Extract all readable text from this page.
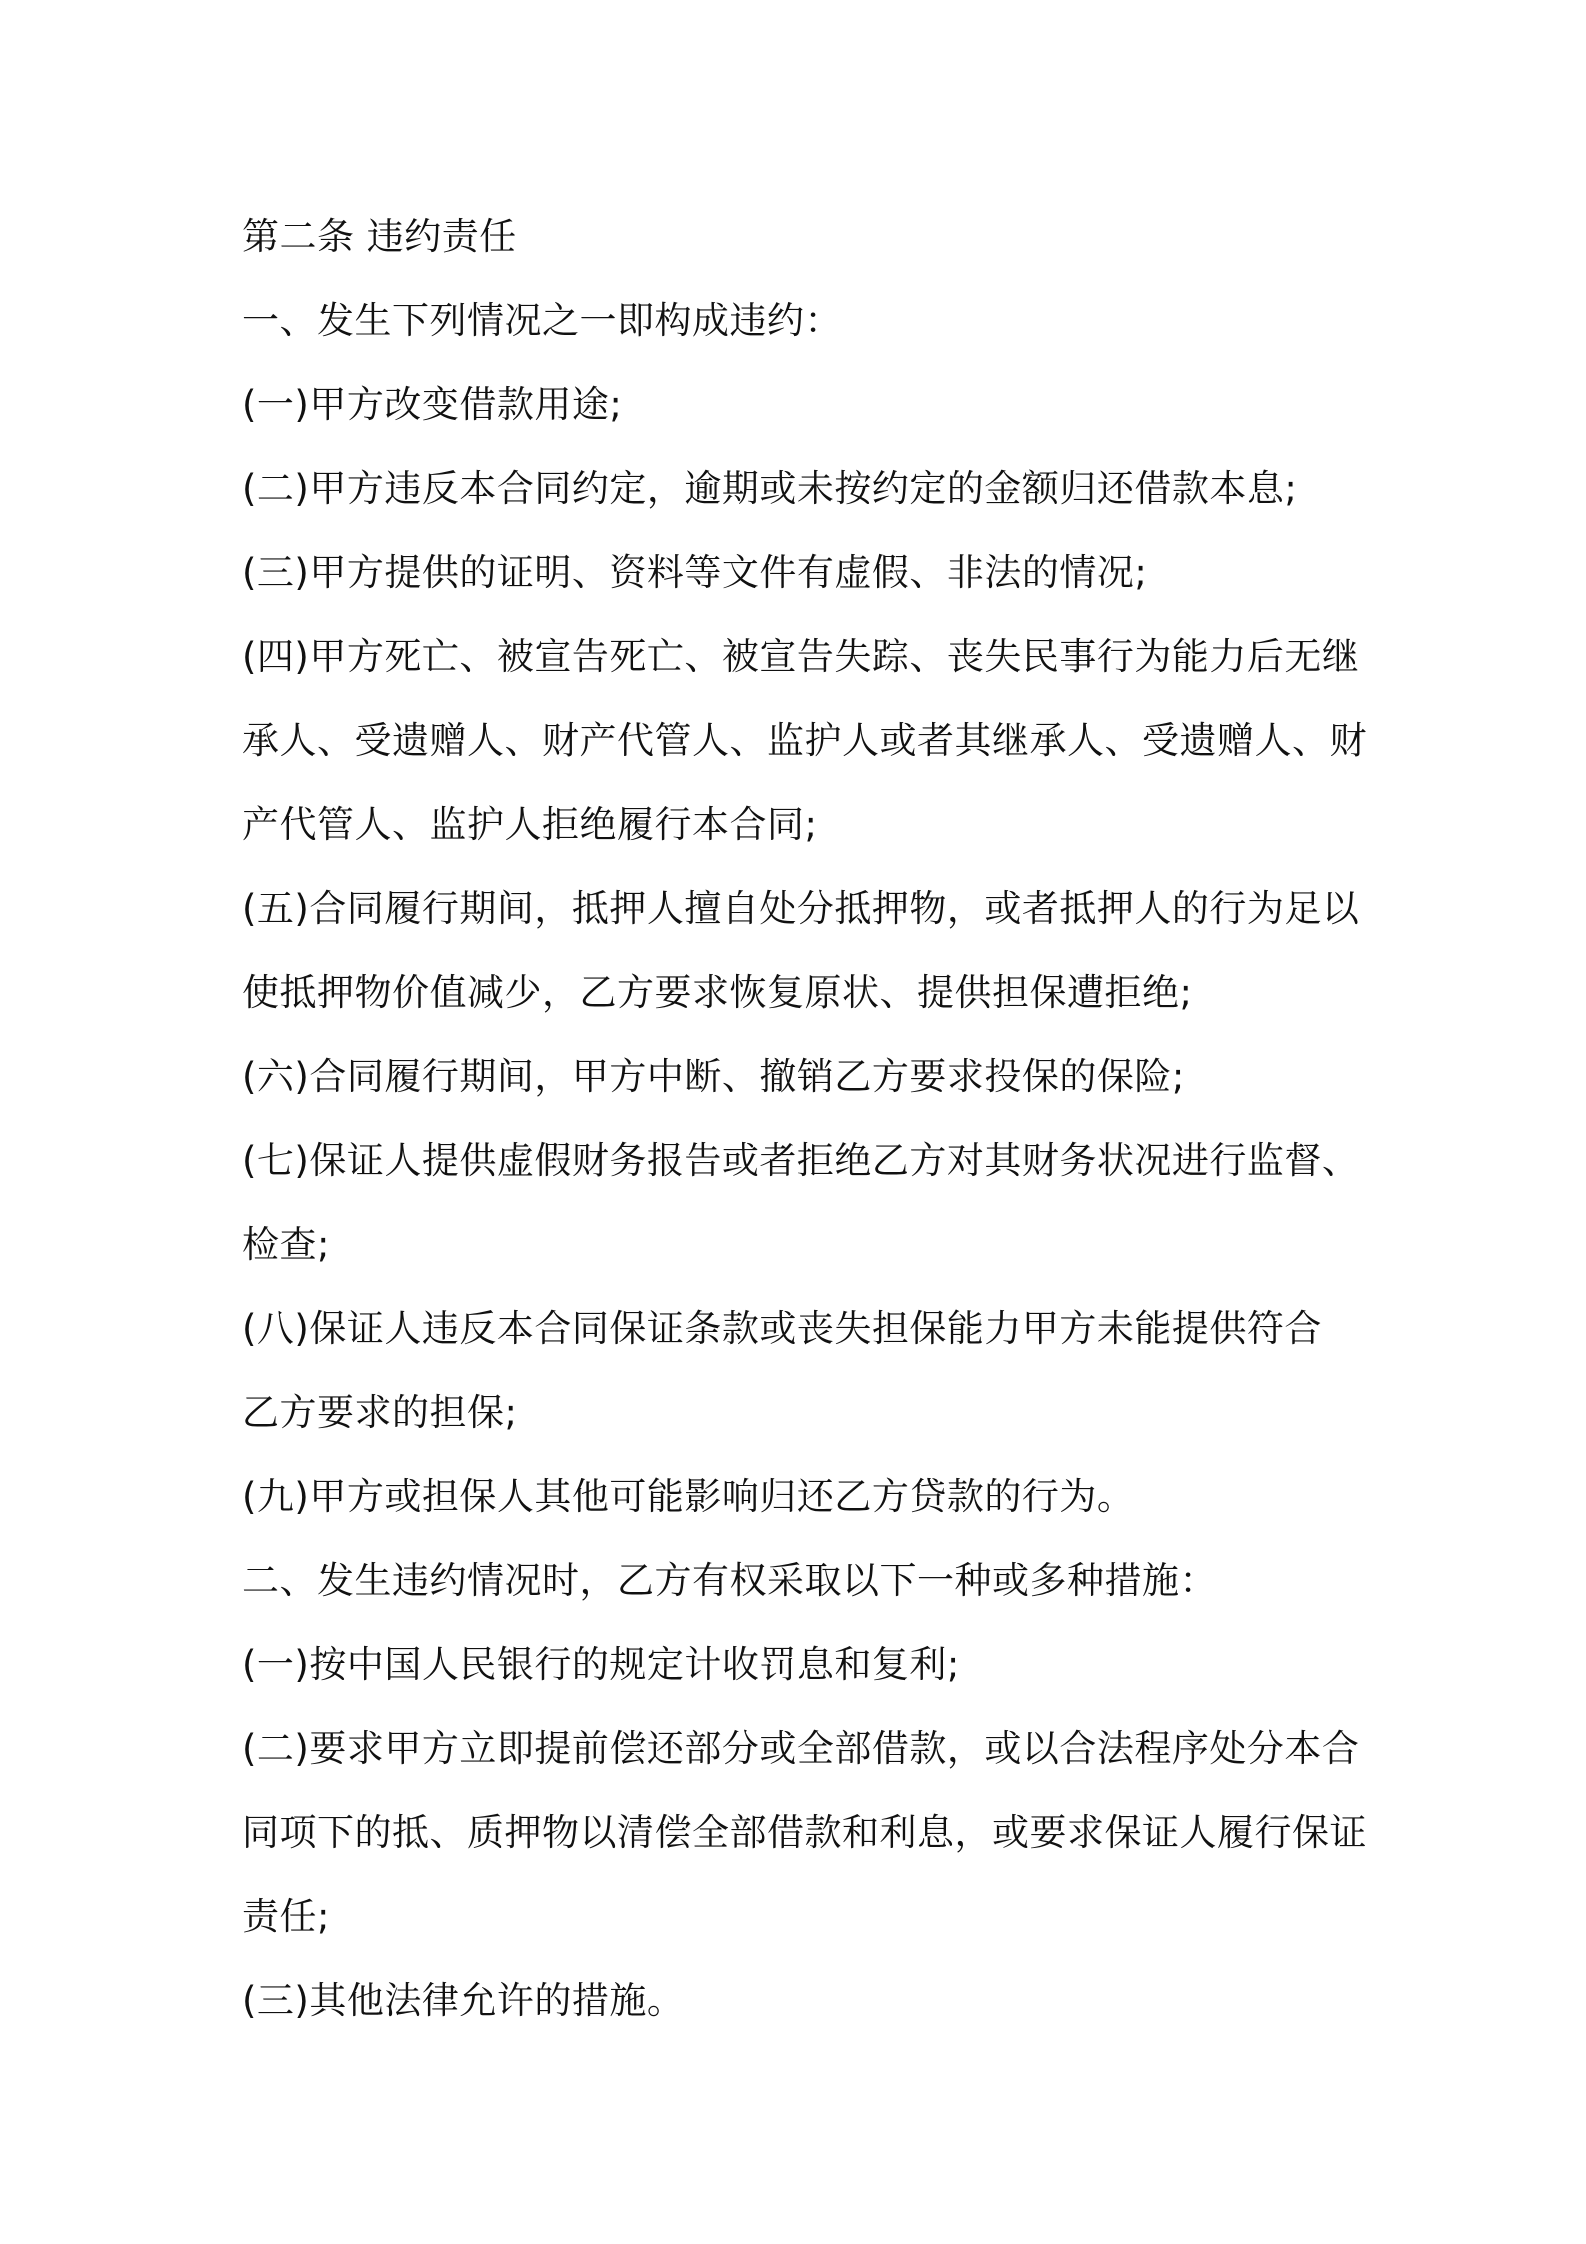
第二条 违约责任
一、发生下列情况之一即构成违约：
(一)甲方改变借款用途;
(二)甲方违反本合同约定，逾期或未按约定的金额归还借款本息;
(三)甲方提供的证明、资料等文件有虚假、非法的情况;
(四)甲方死亡、被宣告死亡、被宣告失踪、丧失民事行为能力后无继
承人、受遗赠人、财产代管人、监护人或者其继承人、受遗赠人、财
产代管人、监护人拒绝履行本合同;
(五)合同履行期间，抵押人擅自处分抵押物，或者抵押人的行为足以
使抵押物价值减少，乙方要求恢复原状、提供担保遭拒绝;
(六)合同履行期间，甲方中断、撤销乙方要求投保的保险;
(七)保证人提供虚假财务报告或者拒绝乙方对其财务状况进行监督、
检查;
(八)保证人违反本合同保证条款或丧失担保能力甲方未能提供符合
乙方要求的担保;
(九)甲方或担保人其他可能影响归还乙方贷款的行为。
二、发生违约情况时，乙方有权采取以下一种或多种措施：
(一)按中国人民银行的规定计收罚息和复利;
(二)要求甲方立即提前偿还部分或全部借款，或以合法程序处分本合
同项下的抵、质押物以清偿全部借款和利息，或要求保证人履行保证
责任;
(三)其他法律允许的措施。
